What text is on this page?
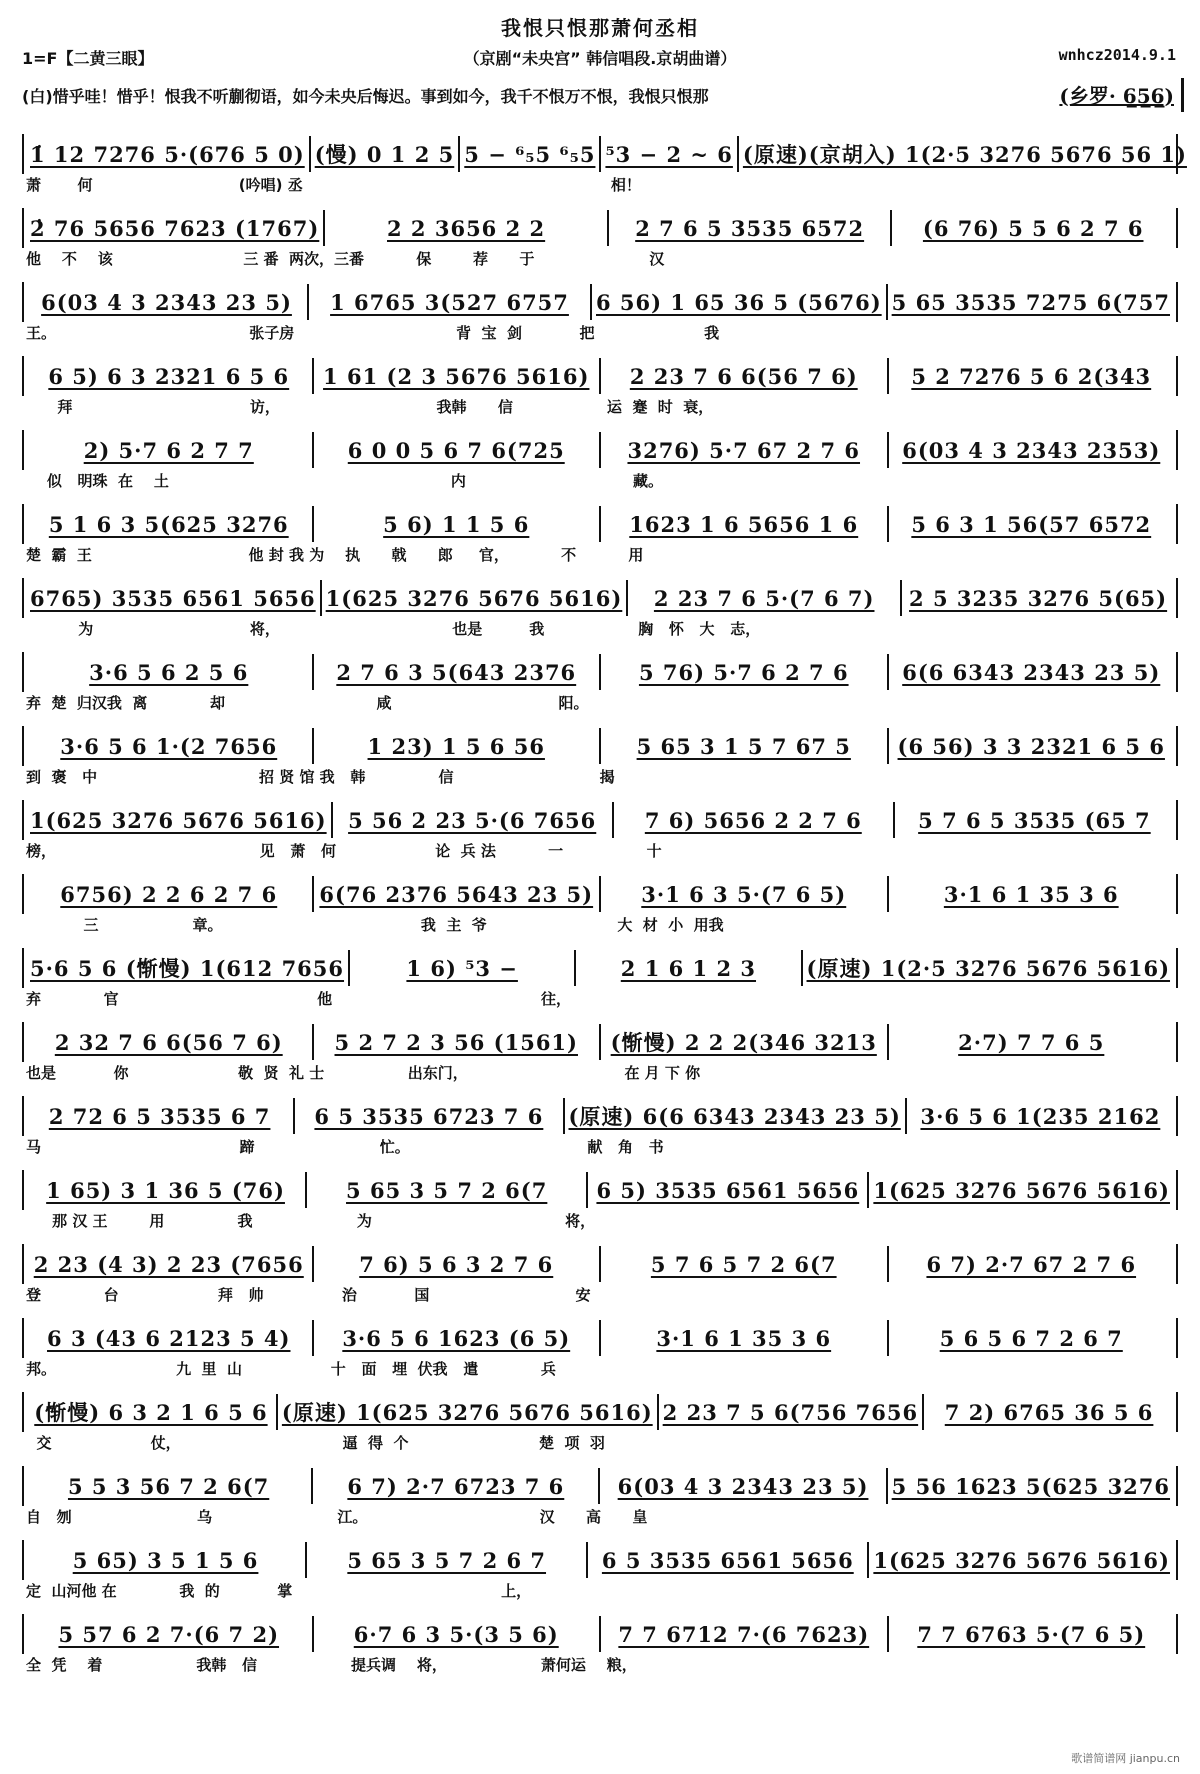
我恨只恨那萧何丞相
1=F【二黄三眼】	（京剧“未央宫” 韩信唱段.京胡曲谱）	wnhcz2014.9.1
(白)惜乎哇！惜乎！恨我不听蒯彻语，如今未央后悔迟。事到如今，我千不恨万不恨，我恨只恨那	(乡罗· 6̲5̲6̲)
1̇ 12 7276 5·(676 5 0) (慢) 0 1 2 5 5 − ⁶₅5 ⁶₅5 ⁵3 − 2 ~ 6 (原速)(京胡入) 1(2·5 3276 5676 56 1)
萧       何                            (吟唱) 丞                                                           相！
2̇ 76 5656 7623 (1767)	2 2 3656 2 2	2 7 6 5 3535 6572	(6 76) 5 5 6 2 7 6
他    不    该                         三 番  两次，三番          保        荐      于                      汉
6(03 4 3 2343 23 5) 1 6765 3(527 6757 6 56) 1 65 36 5 (5676) 5 65 3535 7275 6(757
王。                                     张子房                               背  宝  剑           把                     我
6 5) 6 3 2321 6 5 6 1 61 (2 3 5676 5616) 2 23 7 6 6(56 7 6)	5 2 7276 5 6 2(343
拜                                  访，                              我韩      信                  运  蹇  时  衰，
2) 5·7 6 2 7 7	6 0 0 5 6 7 6(725	3276) 5·7 67 2 7 6 6(03 4 3 2343 2353)
似   明珠  在    土                                                      内                                藏。
5 1 6 3 5(625 3276	5 6) 1 1 5 6	1623 1 6 5656 1 6	5 6 3 1 56(57 6572
楚  霸  王                              他 封 我 为    执      戟      郎     官，          不          用
6765) 3535 6561 5656 1(625 3276 5676 5616) 2 23 7 6 5·(7 6 7) 2 5 3235 3276 5(65)
为                              将，                                 也是         我                  胸   怀   大   志，
3·6 5 6 2 5 6	2 7 6 3 5(643 2376	5 76) 5·7 6 2 7 6	6(6 6343 2343 23 5)
弃  楚  归汉我  离            却                             咸                                阳。
3·6 5 6 1·(2 7656	1 23) 1 5 6 56	5 65 3 1 5 7 67 5 (6 56) 3 3 2321 6 5 6
到  褒   中                               招 贤 馆 我   韩              信                            揭
1(625 3276 5676 5616) 5 56 2 23 5·(6 7656 7 6) 5656 2 2 7 6	5 7 6 5 3535 (65 7
榜，                                       见   萧   何                   论  兵 法          一                十
6756) 2 2 6 2 7 6 6(76 2376 5643 23 5) 3·1 6 3 5·(7 6 5)	3·1 6 1 35 3 6
三                  章。                                      我  主  爷                         大  材  小  用我
5·6 5 6 (惭慢) 1(612 7656	1 6) ⁵3 −	2 1 6 1 2 3 (原速) 1(2·5 3276 5676 5616)
弃            官                                      他                                        往，
2 32 7 6 6(56 7 6) 5 2 7 2 3 56 (1561) (惭慢) 2 2 2(346 3213	2·7) 7 7 6 5
也是           你                     敬  贤  礼 士                出东门，                              在 月 下 你
2 72 6 5 3535 6 7 6 5 3535 6723 7 6 (原速) 6(6 6343 2343 23 5) 3·6 5 6 1(235 2162
马                                      蹄                        忙。                                  献   角   书
1 65) 3 1 36 5 (76)	5 65 3 5 7 2 6(7 6 5) 3535 6561 5656 1(625 3276 5676 5616)
那 汉 王        用              我                    为                                     将，
2 23 (4 3) 2 23 (7656	7 6) 5 6 3 2 7 6	5 7 6 5 7 2 6(7	6 7) 2·7 67 2 7 6
登            台                   拜   帅               治           国                            安
6 3 (43 6 2123 5 4) 3·6 5 6 1623 (6 5)	3·1 6 1 35 3 6	5 6 5 6 7 2 6 7
邦。                       九  里  山                 十   面   埋  伏我   遣            兵
(惭慢) 6 3 2 1 6 5 6 (原速) 1(625 3276 5676 5616) 2 23 7 5 6(756 7656 7 2) 6765 36 5 6
交                   仗，                               逼  得  个                         楚  项  羽
5 5 3 56 7 2 6(7	6 7) 2·7 6723 7 6	6(03 4 3 2343 23 5) 5 56 1623 5(625 3276
自   刎                        乌                        江。                                 汉      高      皇
5 65) 3 5 1 5 6	5 65 3 5 7 2 6 7	6 5 3535 6561 5656 1(625 3276 5676 5616)
定  山河他 在            我  的           掌                                        上，
5 57 6 2 7·(6 7 2)	6·7 6 3 5·(3 5 6)	7 7 6712 7·(6 7623) 7 7 6763 5·(7 6 5)
全  凭    着                  我韩   信                  提兵调    将，                  萧何运    粮，
歌谱简谱网 jianpu.cn
